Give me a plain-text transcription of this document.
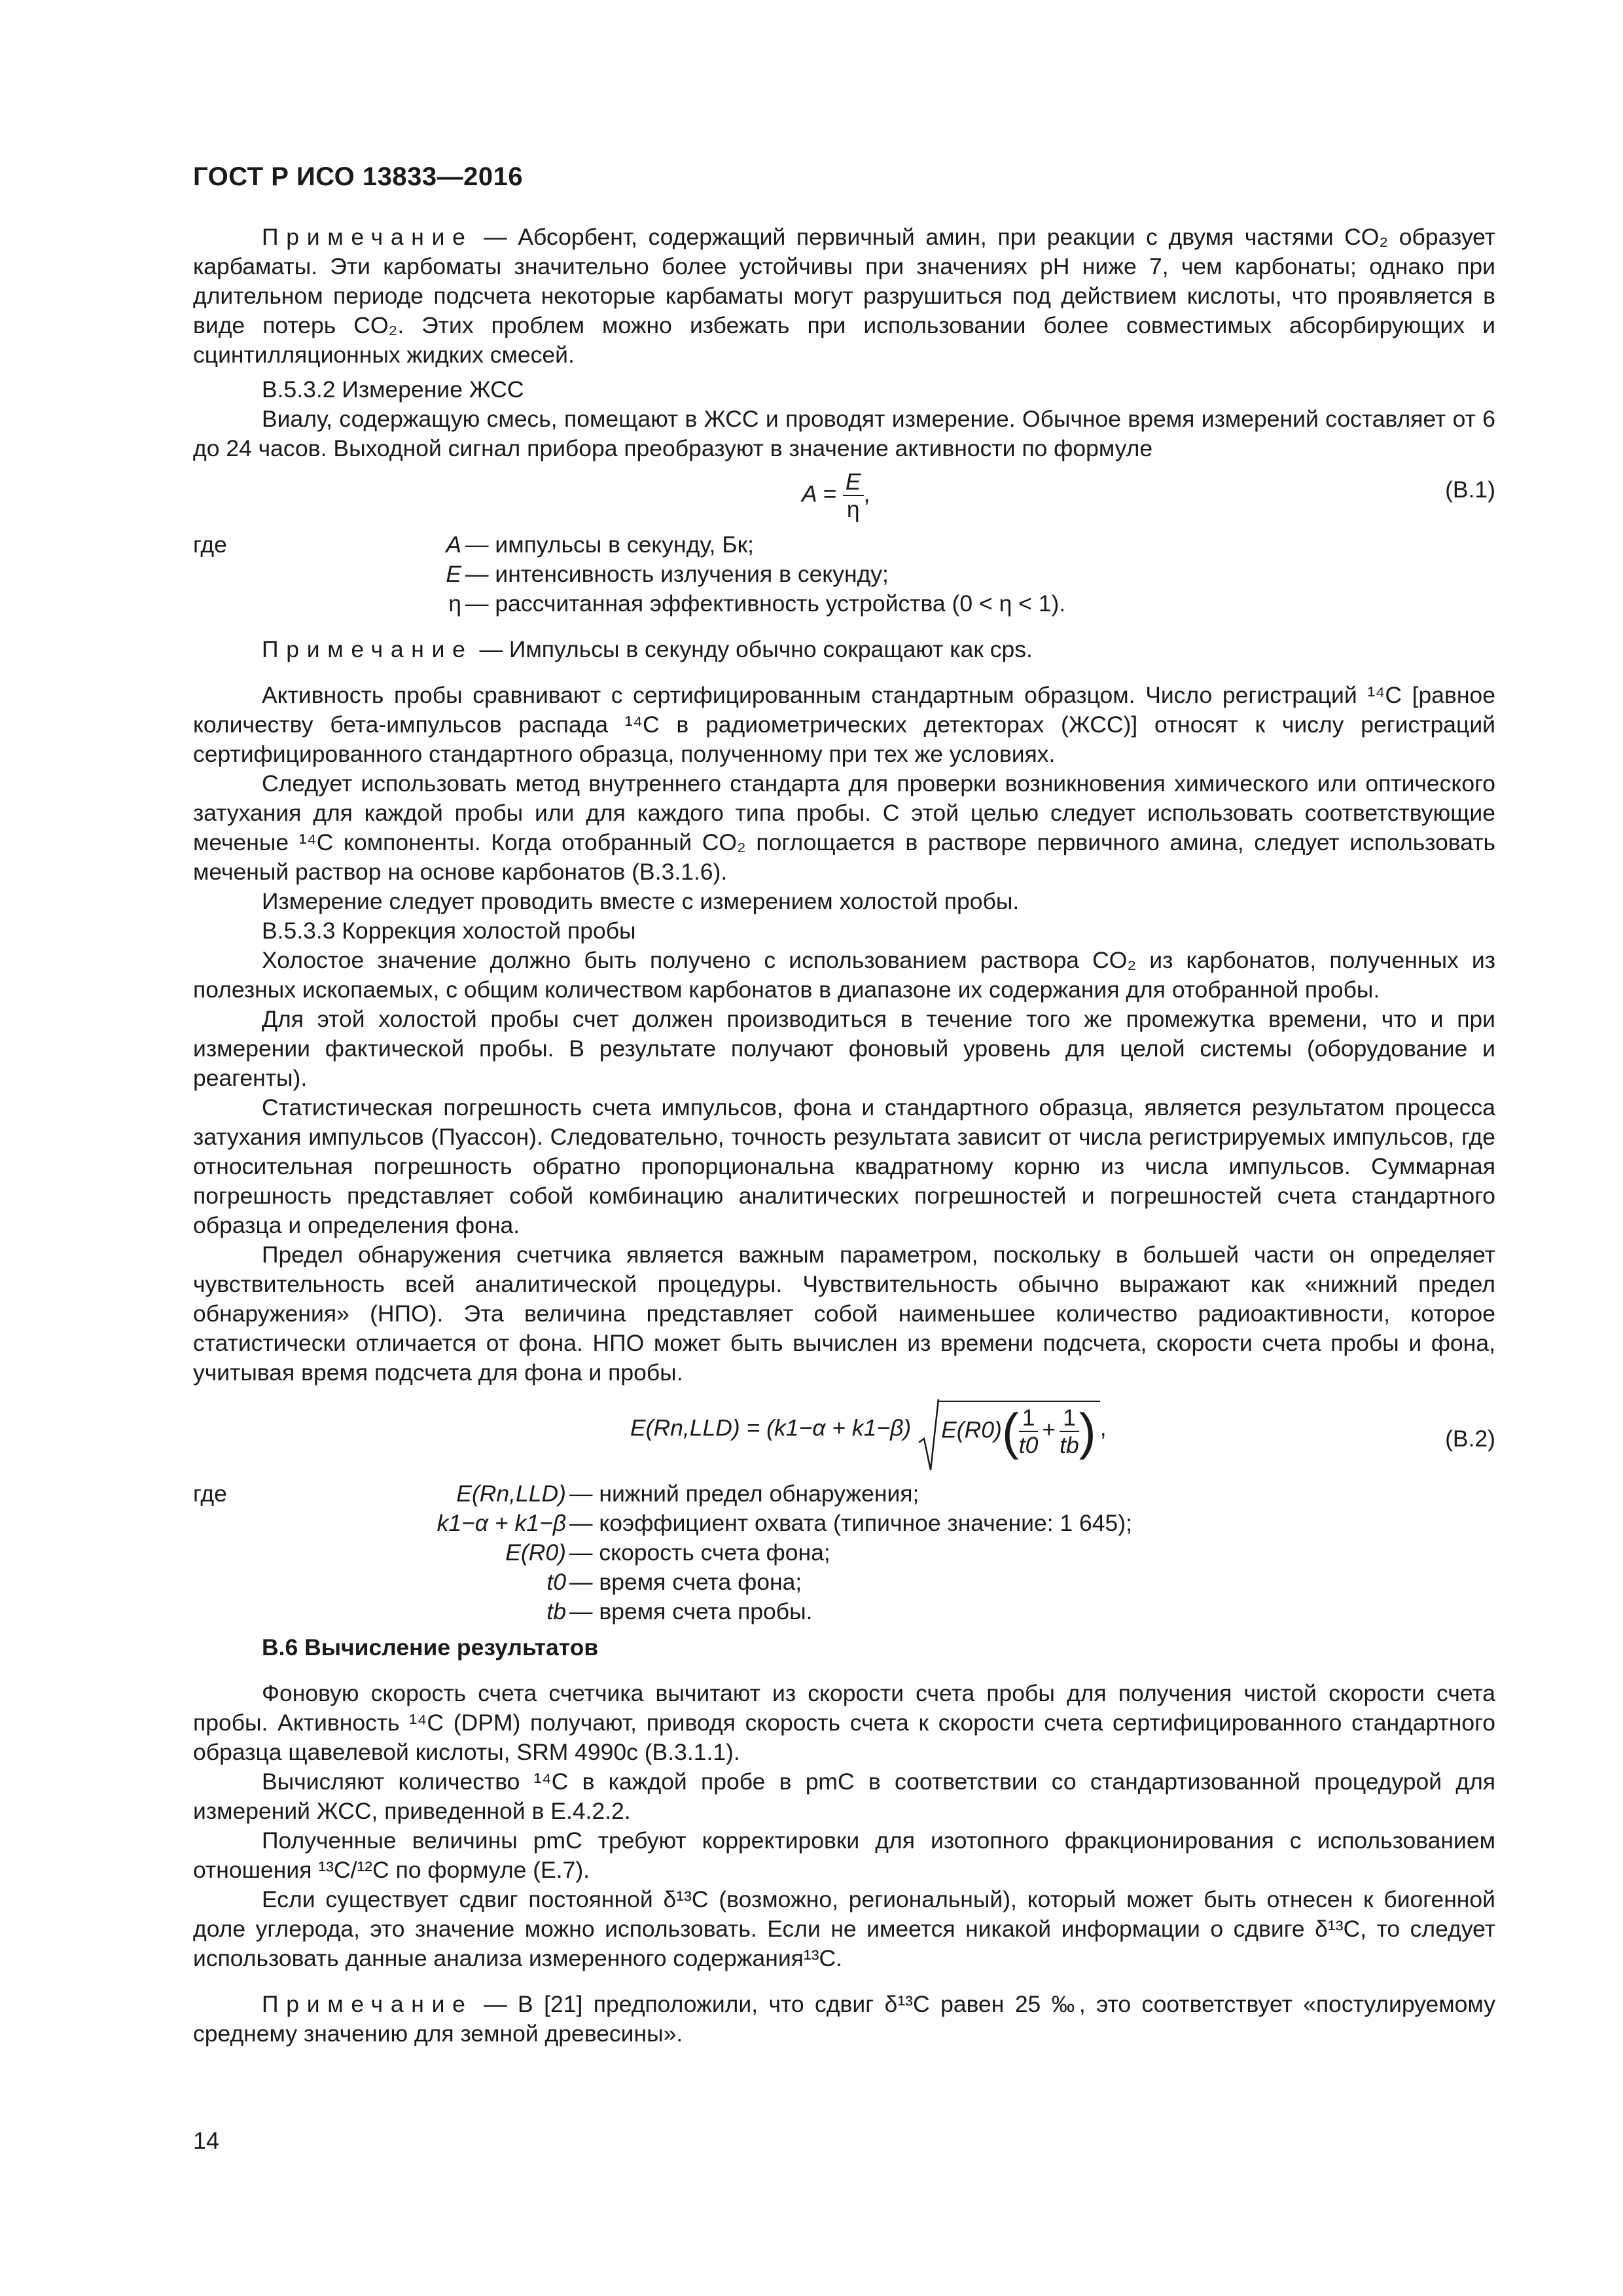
ГОСТ Р ИСО 13833—2016

Примечание — Абсорбент, содержащий первичный амин, при реакции с двумя частями CO₂ образует карбаматы. Эти карбоматы значительно более устойчивы при значениях pH ниже 7, чем карбонаты; однако при длительном периоде подсчета некоторые карбаматы могут разрушиться под действием кислоты, что проявляется в виде потерь CO₂. Этих проблем можно избежать при использовании более совместимых абсорбирующих и сцинтилляционных жидких смесей.

В.5.3.2 Измерение ЖСС

Виалу, содержащую смесь, помещают в ЖСС и проводят измерение. Обычное время измерений составляет от 6 до 24 часов. Выходной сигнал прибора преобразуют в значение активности по формуле

$A = \frac{E}{\eta}$ ,	(В.1)
где	A — импульсы в секунду, Бк;
E — интенсивность излучения в секунду;
η — рассчитанная эффективность устройства (0 < η < 1).

Примечание — Импульсы в секунду обычно сокращают как cps.

Активность пробы сравнивают с сертифицированным стандартным образцом. Число регистраций ¹⁴C [равное количеству бета-импульсов распада ¹⁴C в радиометрических детекторах (ЖСС)] относят к числу регистраций сертифицированного стандартного образца, полученному при тех же условиях.

Следует использовать метод внутреннего стандарта для проверки возникновения химического или оптического затухания для каждой пробы или для каждого типа пробы. С этой целью следует использовать соответствующие меченые ¹⁴C компоненты. Когда отобранный CO₂ поглощается в растворе первичного амина, следует использовать меченый раствор на основе карбонатов (В.3.1.6).

Измерение следует проводить вместе с измерением холостой пробы.

В.5.3.3 Коррекция холостой пробы

Холостое значение должно быть получено с использованием раствора CO₂ из карбонатов, полученных из полезных ископаемых, с общим количеством карбонатов в диапазоне их содержания для отобранной пробы.

Для этой холостой пробы счет должен производиться в течение того же промежутка времени, что и при измерении фактической пробы. В результате получают фоновый уровень для целой системы (оборудование и реагенты).

Статистическая погрешность счета импульсов, фона и стандартного образца, является результатом процесса затухания импульсов (Пуассон). Следовательно, точность результата зависит от числа регистрируемых импульсов, где относительная погрешность обратно пропорциональна квадратному корню из числа импульсов. Суммарная погрешность представляет собой комбинацию аналитических погрешностей и погрешностей счета стандартного образца и определения фона.

Предел обнаружения счетчика является важным параметром, поскольку в большей части он определяет чувствительность всей аналитической процедуры. Чувствительность обычно выражают как «нижний предел обнаружения» (НПО). Эта величина представляет собой наименьшее количество радиоактивности, которое статистически отличается от фона. НПО может быть вычислен из времени подсчета, скорости счета пробы и фона, учитывая время подсчета для фона и пробы.

E(Rn,LLD) = (k1−α + k1−β) $E(R0)( \frac{1}{t0} + \frac{1}{tb}$ ) ,	(В.2)
где	E(Rn,LLD) — нижний предел обнаружения;
k1−α + k1−β — коэффициент охвата (типичное значение: 1 645);
E(R0) — скорость счета фона;
t0 — время счета фона;
tb — время счета пробы.

В.6 Вычисление результатов

Фоновую скорость счета счетчика вычитают из скорости счета пробы для получения чистой скорости счета пробы. Активность ¹⁴C (DPM) получают, приводя скорость счета к скорости счета сертифицированного стандартного образца щавелевой кислоты, SRM 4990c (В.3.1.1).

Вычисляют количество ¹⁴C в каждой пробе в pmC в соответствии со стандартизованной процедурой для измерений ЖСС, приведенной в Е.4.2.2.

Полученные величины pmC требуют корректировки для изотопного фракционирования с использованием отношения ¹³C/¹²C по формуле (Е.7).

Если существует сдвиг постоянной δ¹³C (возможно, региональный), который может быть отнесен к биогенной доле углерода, это значение можно использовать. Если не имеется никакой информации о сдвиге δ¹³C, то следует использовать данные анализа измеренного содержания¹³C.

Примечание — В [21] предположили, что сдвиг δ¹³C равен 25 ‰, это соответствует «постулируемому среднему значению для земной древесины».

14
